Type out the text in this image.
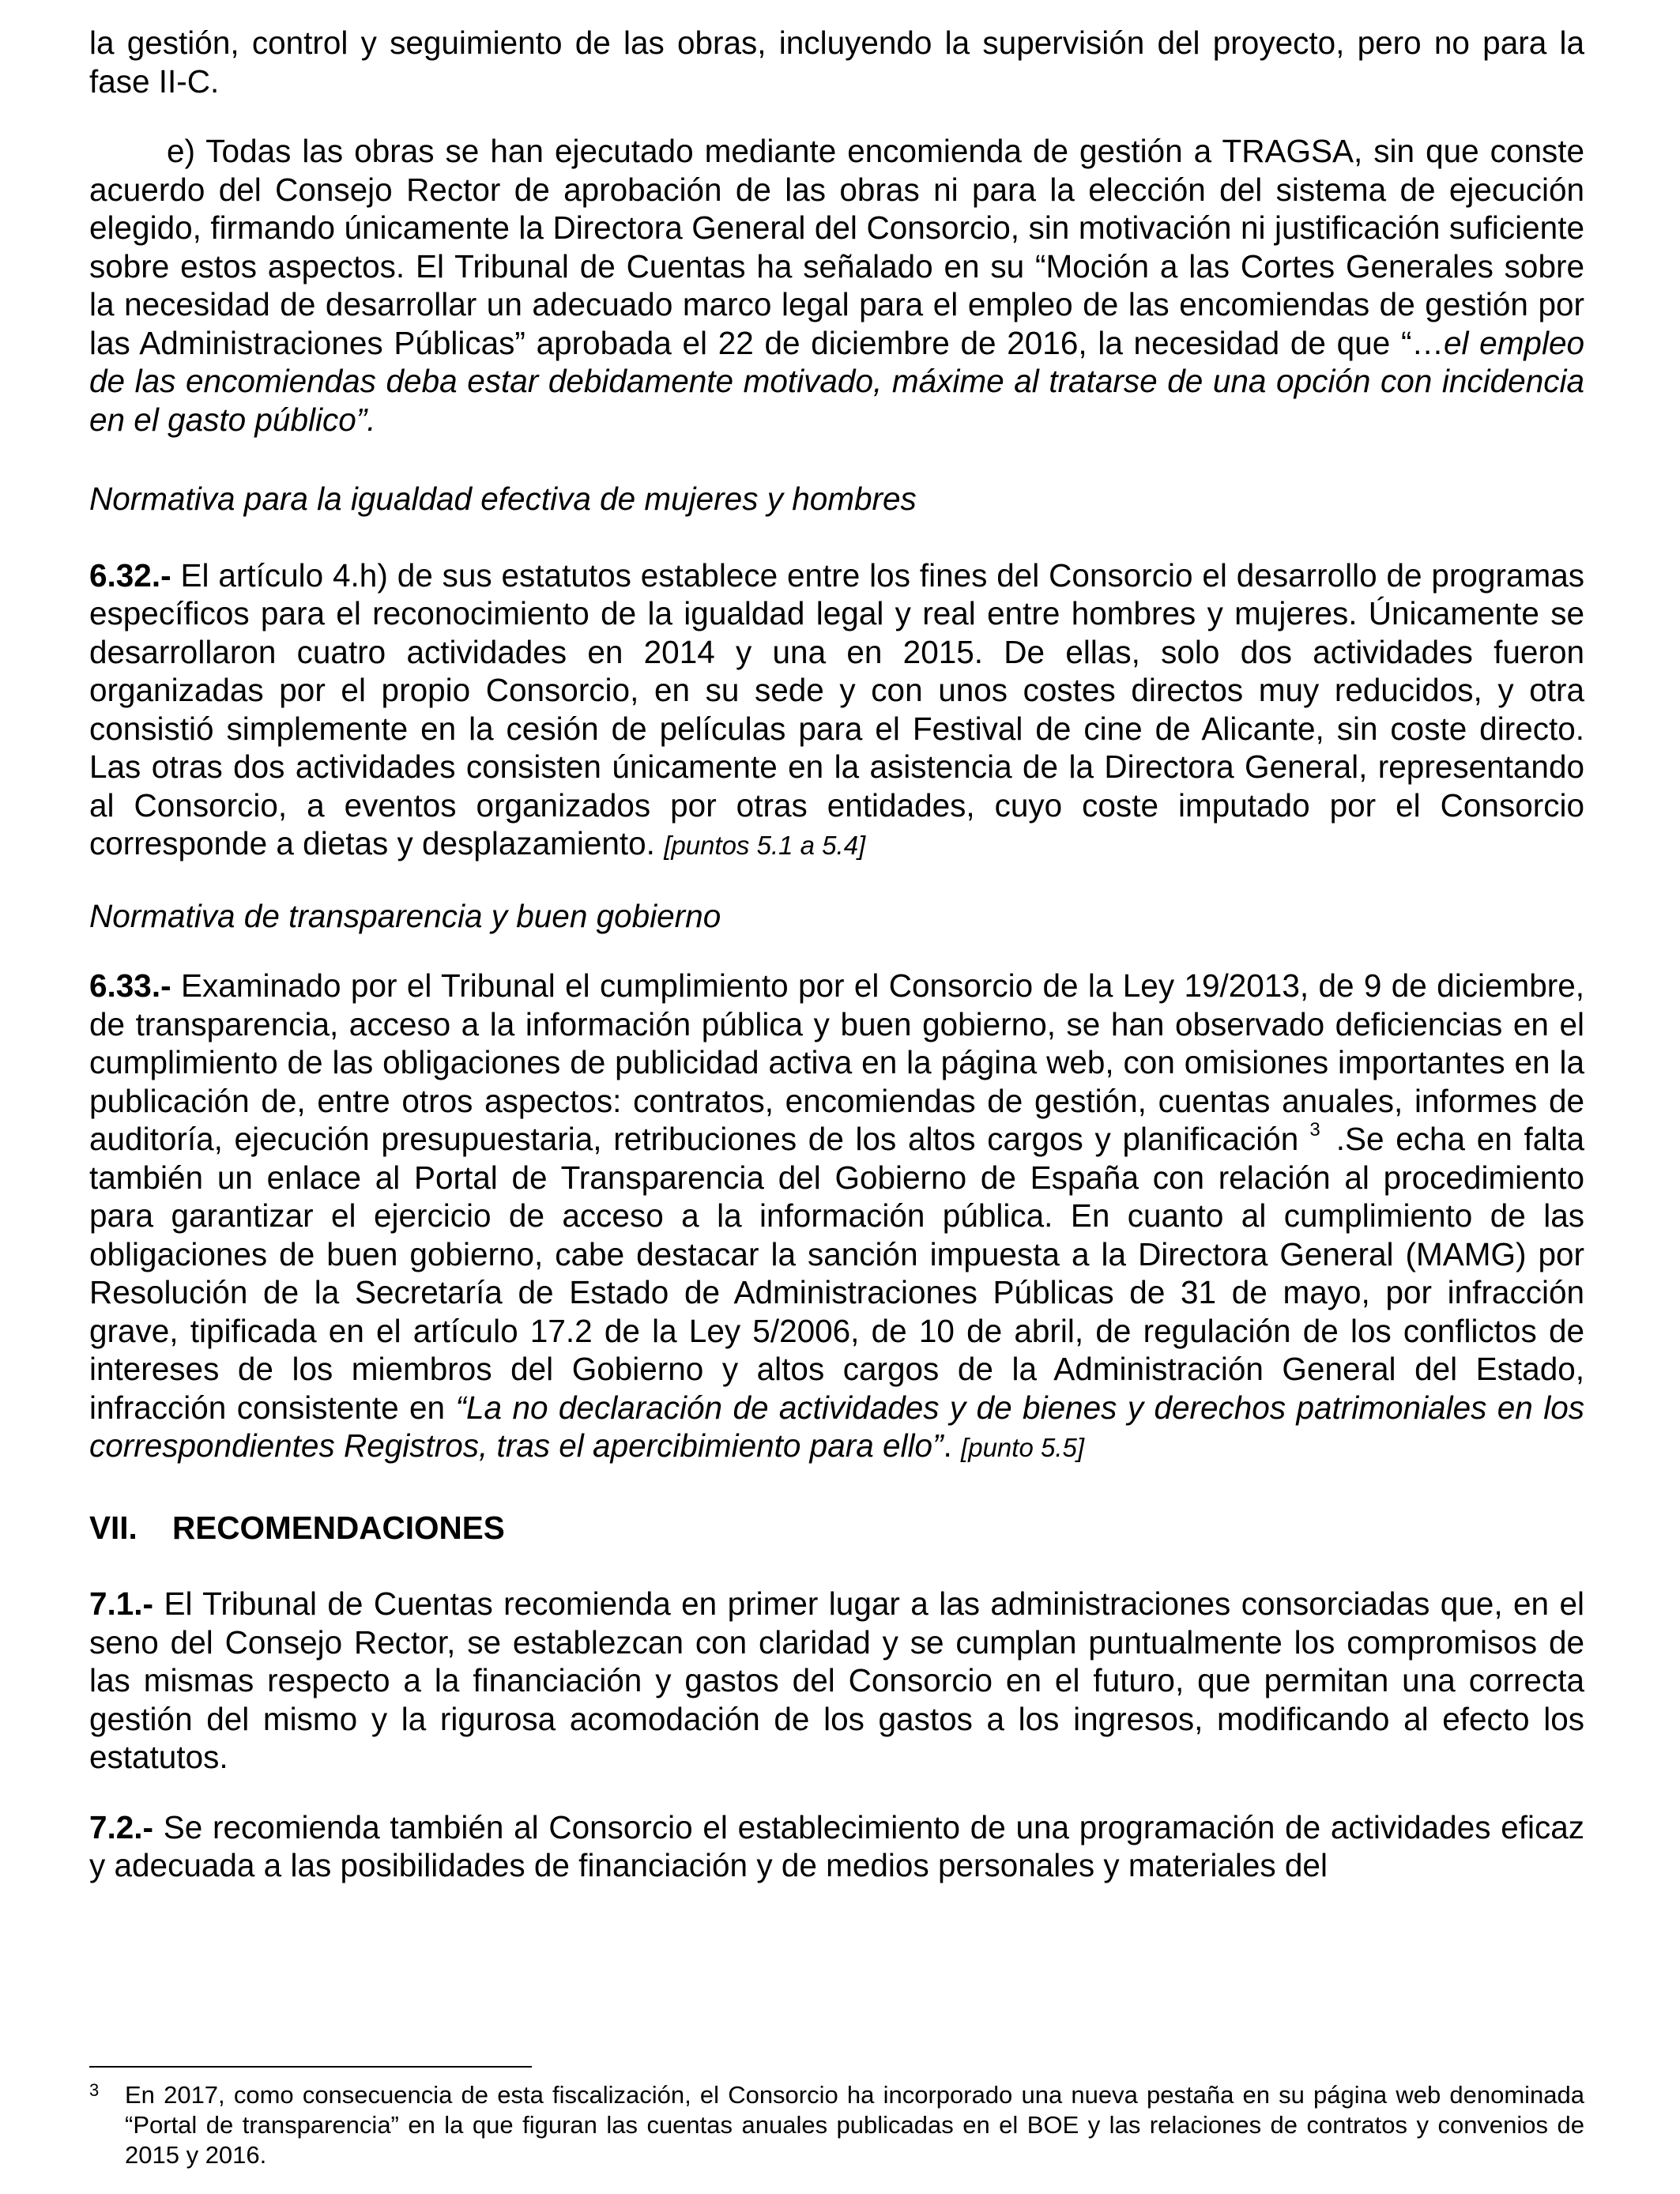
la gestión, control y seguimiento de las obras, incluyendo la supervisión del proyecto, pero no para la fase II-C.

e) Todas las obras se han ejecutado mediante encomienda de gestión a TRAGSA, sin que conste acuerdo del Consejo Rector de aprobación de las obras ni para la elección del sistema de ejecución elegido, firmando únicamente la Directora General del Consorcio, sin motivación ni justificación suficiente sobre estos aspectos. El Tribunal de Cuentas ha señalado en su “Moción a las Cortes Generales sobre la necesidad de desarrollar un adecuado marco legal para el empleo de las encomiendas de gestión por las Administraciones Públicas” aprobada el 22 de diciembre de 2016, la necesidad de que “…el empleo de las encomiendas deba estar debidamente motivado, máxime al tratarse de una opción con incidencia en el gasto público”.

Normativa para la igualdad efectiva de mujeres y hombres

6.32.- El artículo 4.h) de sus estatutos establece entre los fines del Consorcio el desarrollo de programas específicos para el reconocimiento de la igualdad legal y real entre hombres y mujeres. Únicamente se desarrollaron cuatro actividades en 2014 y una en 2015. De ellas, solo dos actividades fueron organizadas por el propio Consorcio, en su sede y con unos costes directos muy reducidos, y otra consistió simplemente en la cesión de películas para el Festival de cine de Alicante, sin coste directo. Las otras dos actividades consisten únicamente en la asistencia de la Directora General, representando al Consorcio, a eventos organizados por otras entidades, cuyo coste imputado por el Consorcio corresponde a dietas y desplazamiento. [puntos 5.1 a 5.4]

Normativa de transparencia y buen gobierno

6.33.- Examinado por el Tribunal el cumplimiento por el Consorcio de la Ley 19/2013, de 9 de diciembre, de transparencia, acceso a la información pública y buen gobierno, se han observado deficiencias en el cumplimiento de las obligaciones de publicidad activa en la página web, con omisiones importantes en la publicación de, entre otros aspectos: contratos, encomiendas de gestión, cuentas anuales, informes de auditoría, ejecución presupuestaria, retribuciones de los altos cargos y planificación $^3$ .Se echa en falta también un enlace al Portal de Transparencia del Gobierno de España con relación al procedimiento para garantizar el ejercicio de acceso a la información pública. En cuanto al cumplimiento de las obligaciones de buen gobierno, cabe destacar la sanción impuesta a la Directora General (MAMG) por Resolución de la Secretaría de Estado de Administraciones Públicas de 31 de mayo, por infracción grave, tipificada en el artículo 17.2 de la Ley 5/2006, de 10 de abril, de regulación de los conflictos de intereses de los miembros del Gobierno y altos cargos de la Administración General del Estado, infracción consistente en “La no declaración de actividades y de bienes y derechos patrimoniales en los correspondientes Registros, tras el apercibimiento para ello”. [punto 5.5]

VII. RECOMENDACIONES

7.1.- El Tribunal de Cuentas recomienda en primer lugar a las administraciones consorciadas que, en el seno del Consejo Rector, se establezcan con claridad y se cumplan puntualmente los compromisos de las mismas respecto a la financiación y gastos del Consorcio en el futuro, que permitan una correcta gestión del mismo y la rigurosa acomodación de los gastos a los ingresos, modificando al efecto los estatutos.

7.2.- Se recomienda también al Consorcio el establecimiento de una programación de actividades eficaz y adecuada a las posibilidades de financiación y de medios personales y materiales del

3 En 2017, como consecuencia de esta fiscalización, el Consorcio ha incorporado una nueva pestaña en su página web denominada “Portal de transparencia” en la que figuran las cuentas anuales publicadas en el BOE y las relaciones de contratos y convenios de 2015 y 2016.
